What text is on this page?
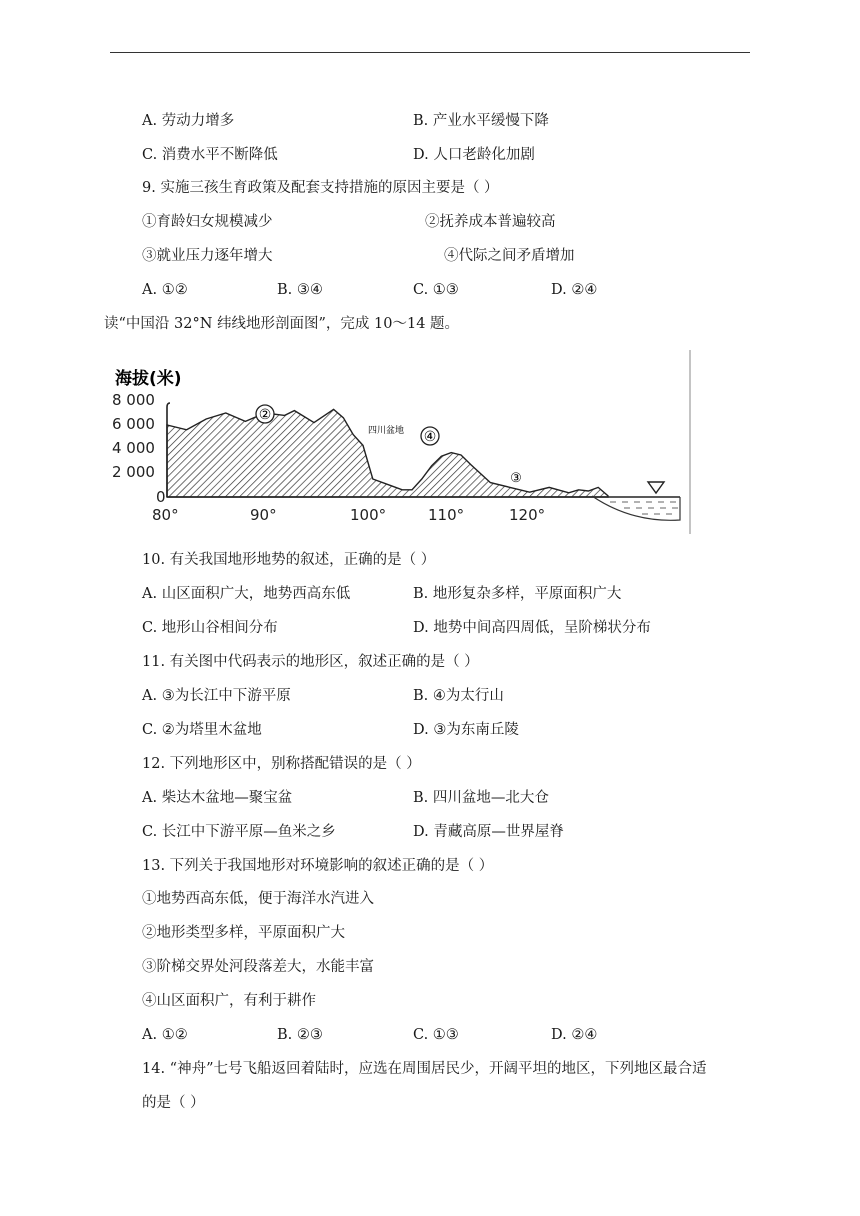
A. 劳动力增多	B. 产业水平缓慢下降
C. 消费水平不断降低	D. 人口老龄化加剧
9. 实施三孩生育政策及配套支持措施的原因主要是（ ）
①育龄妇女规模减少	②抚养成本普遍较高
③就业压力逐年增大	④代际之间矛盾增加
A. ①②	B. ③④	C. ①③	D. ②④
读“中国沿 32°N 纬线地形剖面图”，完成 10～14 题。
海拔(米)
8 000
6 000
4 000
2 000
0
80°	90°	100°	110°	120°
②
④
③
四川盆地
10. 有关我国地形地势的叙述，正确的是（ ）
A. 山区面积广大，地势西高东低	B. 地形复杂多样，平原面积广大
C. 地形山谷相间分布	D. 地势中间高四周低，呈阶梯状分布
11. 有关图中代码表示的地形区，叙述正确的是（ ）
A. ③为长江中下游平原	B. ④为太行山
C. ②为塔里木盆地	D. ③为东南丘陵
12. 下列地形区中，别称搭配错误的是（ ）
A. 柴达木盆地—聚宝盆	B. 四川盆地—北大仓
C. 长江中下游平原—鱼米之乡	D. 青藏高原—世界屋脊
13. 下列关于我国地形对环境影响的叙述正确的是（ ）
①地势西高东低，便于海洋水汽进入
②地形类型多样，平原面积广大
③阶梯交界处河段落差大，水能丰富
④山区面积广，有利于耕作
A. ①②	B. ②③	C. ①③	D. ②④
14. “神舟”七号飞船返回着陆时，应选在周围居民少，开阔平坦的地区，下列地区最合适
的是（ ）
